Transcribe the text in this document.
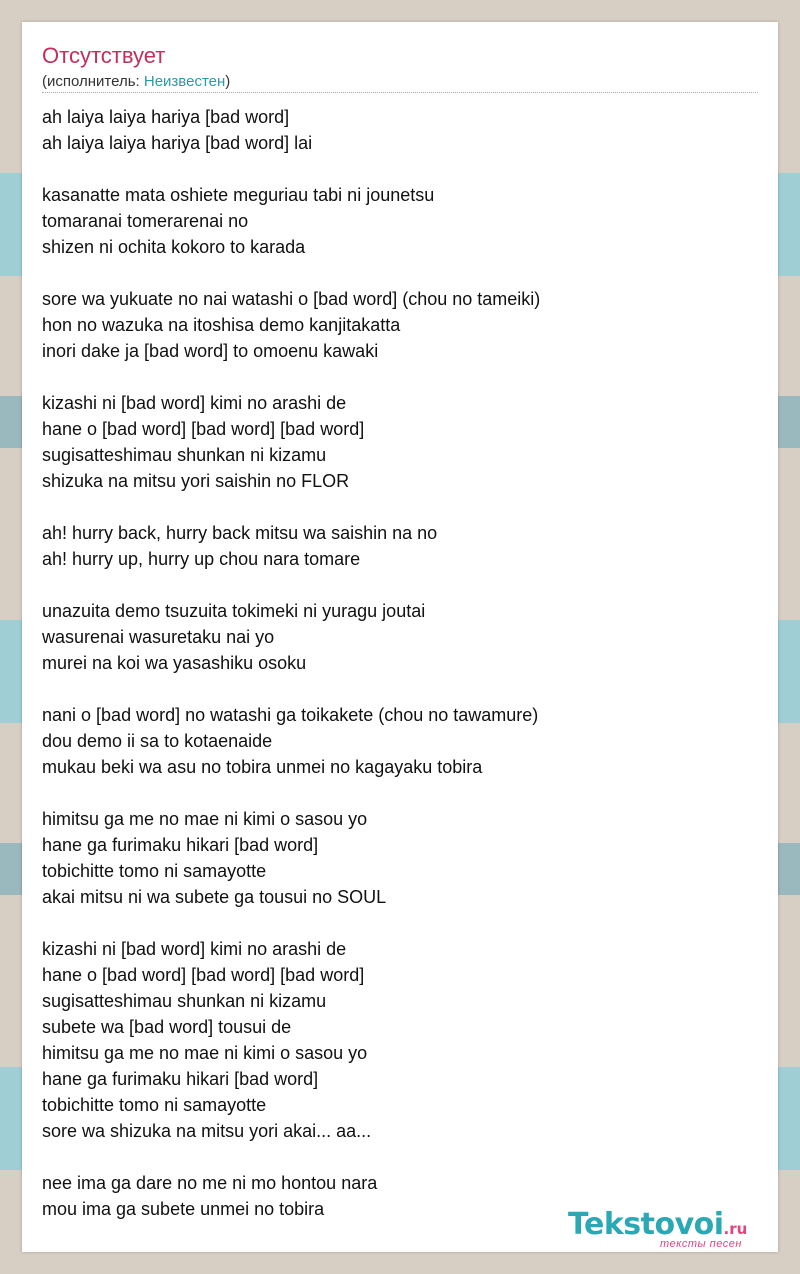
Отсутствует
(исполнитель: Неизвестен)
ah laiya laiya hariya [bad word]
ah laiya laiya hariya [bad word] lai
kasanatte mata oshiete meguriau tabi ni jounetsu
tomaranai tomerarenai no
shizen ni ochita kokoro to karada
sore wa yukuate no nai watashi o [bad word] (chou no tameiki)
hon no wazuka na itoshisa demo kanjitakatta
inori dake ja [bad word] to omoenu kawaki
kizashi ni [bad word] kimi no arashi de
hane o [bad word] [bad word] [bad word]
sugisatteshimau shunkan ni kizamu
shizuka na mitsu yori saishin no FLOR
ah! hurry back, hurry back mitsu wa saishin na no
ah! hurry up, hurry up chou nara tomare
unazuita demo tsuzuita tokimeki ni yuragu joutai
wasurenai wasuretaku nai yo
murei na koi wa yasashiku osoku
nani o [bad word] no watashi ga toikakete (chou no tawamure)
dou demo ii sa to kotaenaide
mukau beki wa asu no tobira unmei no kagayaku tobira
himitsu ga me no mae ni kimi o sasou yo
hane ga furimaku hikari [bad word]
tobichitte tomo ni samayotte
akai mitsu ni wa subete ga tousui no SOUL
kizashi ni [bad word] kimi no arashi de
hane o [bad word] [bad word] [bad word]
sugisatteshimau shunkan ni kizamu
subete wa [bad word] tousui de
himitsu ga me no mae ni kimi o sasou yo
hane ga furimaku hikari [bad word]
tobichitte tomo ni samayotte
sore wa shizuka na mitsu yori akai... aa...
nee ima ga dare no me ni mo hontou nara
mou ima ga subete unmei no tobira	Tekstovoi.ru
тексты песен
